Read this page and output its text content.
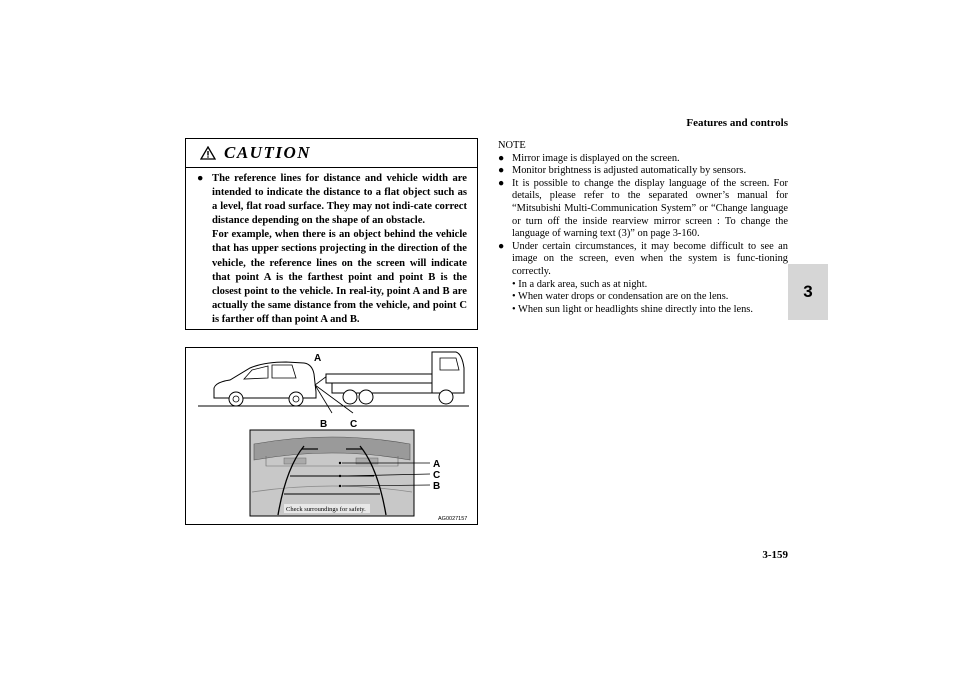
Features and controls
3
CAUTION
● The reference lines for distance and vehicle width are intended to indicate the distance to a flat object such as a level, flat road surface. They may not indi-cate correct distance depending on the shape of an obstacle.

For example, when there is an object behind the vehicle that has upper sections projecting in the direction of the vehicle, the reference lines on the screen will indicate that point A is the farthest point and point B is the closest point to the vehicle. In real-ity, point A and B are actually the same distance from the vehicle, and point C is farther off than point A and B.

A
B C
A
C
B
Check surroundings for safety.
AG0027157
NOTE
● Mirror image is displayed on the screen.
● Monitor brightness is adjusted automatically by sensors.
● It is possible to change the display language of the screen. For details, please refer to the separated owner’s manual for “Mitsubishi Multi-Communication System” or “Change language or turn off the inside rearview mirror screen : To change the language of warning text (3)” on page 3-160.
● Under certain circumstances, it may become difficult to see an image on the screen, even when the system is func-tioning correctly.
• In a dark area, such as at night.
• When water drops or condensation are on the lens.
• When sun light or headlights shine directly into the lens.
3-159
